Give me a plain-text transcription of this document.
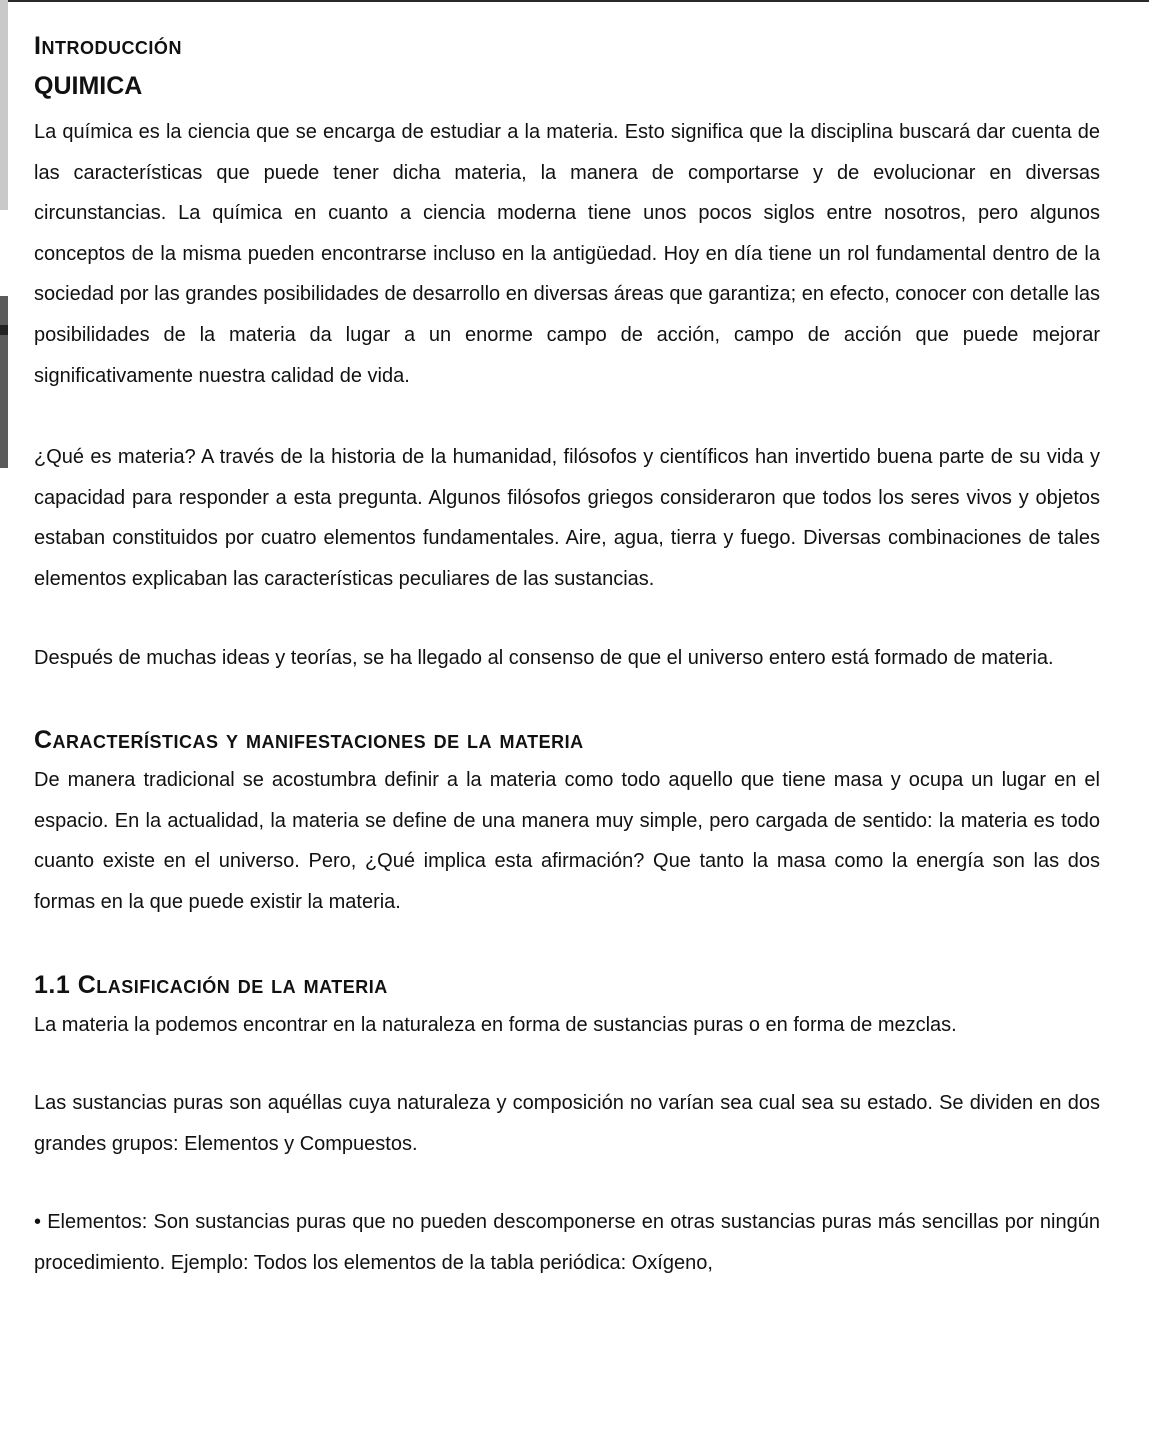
Introducción
QUIMICA

La química es la ciencia que se encarga de estudiar a la materia. Esto significa que la disciplina buscará dar cuenta de las características que puede tener dicha materia, la manera de comportarse y de evolucionar en diversas circunstancias. La química en cuanto a ciencia moderna tiene unos pocos siglos entre nosotros, pero algunos conceptos de la misma pueden encontrarse incluso en la antigüedad. Hoy en día tiene un rol fundamental dentro de la sociedad por las grandes posibilidades de desarrollo en diversas áreas que garantiza; en efecto, conocer con detalle las posibilidades de la materia da lugar a un enorme campo de acción, campo de acción que puede mejorar significativamente nuestra calidad de vida.

¿Qué es materia? A través de la historia de la humanidad, filósofos y científicos han invertido buena parte de su vida y capacidad para responder a esta pregunta. Algunos filósofos griegos consideraron que todos los seres vivos y objetos estaban constituidos por cuatro elementos fundamentales. Aire, agua, tierra y fuego. Diversas combinaciones de tales elementos explicaban las características peculiares de las sustancias.

Después de muchas ideas y teorías, se ha llegado al consenso de que el universo entero está formado de materia.

Características y manifestaciones de la materia

De manera tradicional se acostumbra definir a la materia como todo aquello que tiene masa y ocupa un lugar en el espacio. En la actualidad, la materia se define de una manera muy simple, pero cargada de sentido: la materia es todo cuanto existe en el universo. Pero, ¿Qué implica esta afirmación? Que tanto la masa como la energía son las dos formas en la que puede existir la materia.

1.1 Clasificación de la materia

La materia la podemos encontrar en la naturaleza en forma de sustancias puras o en forma de mezclas.

Las sustancias puras son aquéllas cuya naturaleza y composición no varían sea cual sea su estado. Se dividen en dos grandes grupos: Elementos y Compuestos.

• Elementos: Son sustancias puras que no pueden descomponerse en otras sustancias puras más sencillas por ningún procedimiento. Ejemplo: Todos los elementos de la tabla periódica: Oxígeno,
